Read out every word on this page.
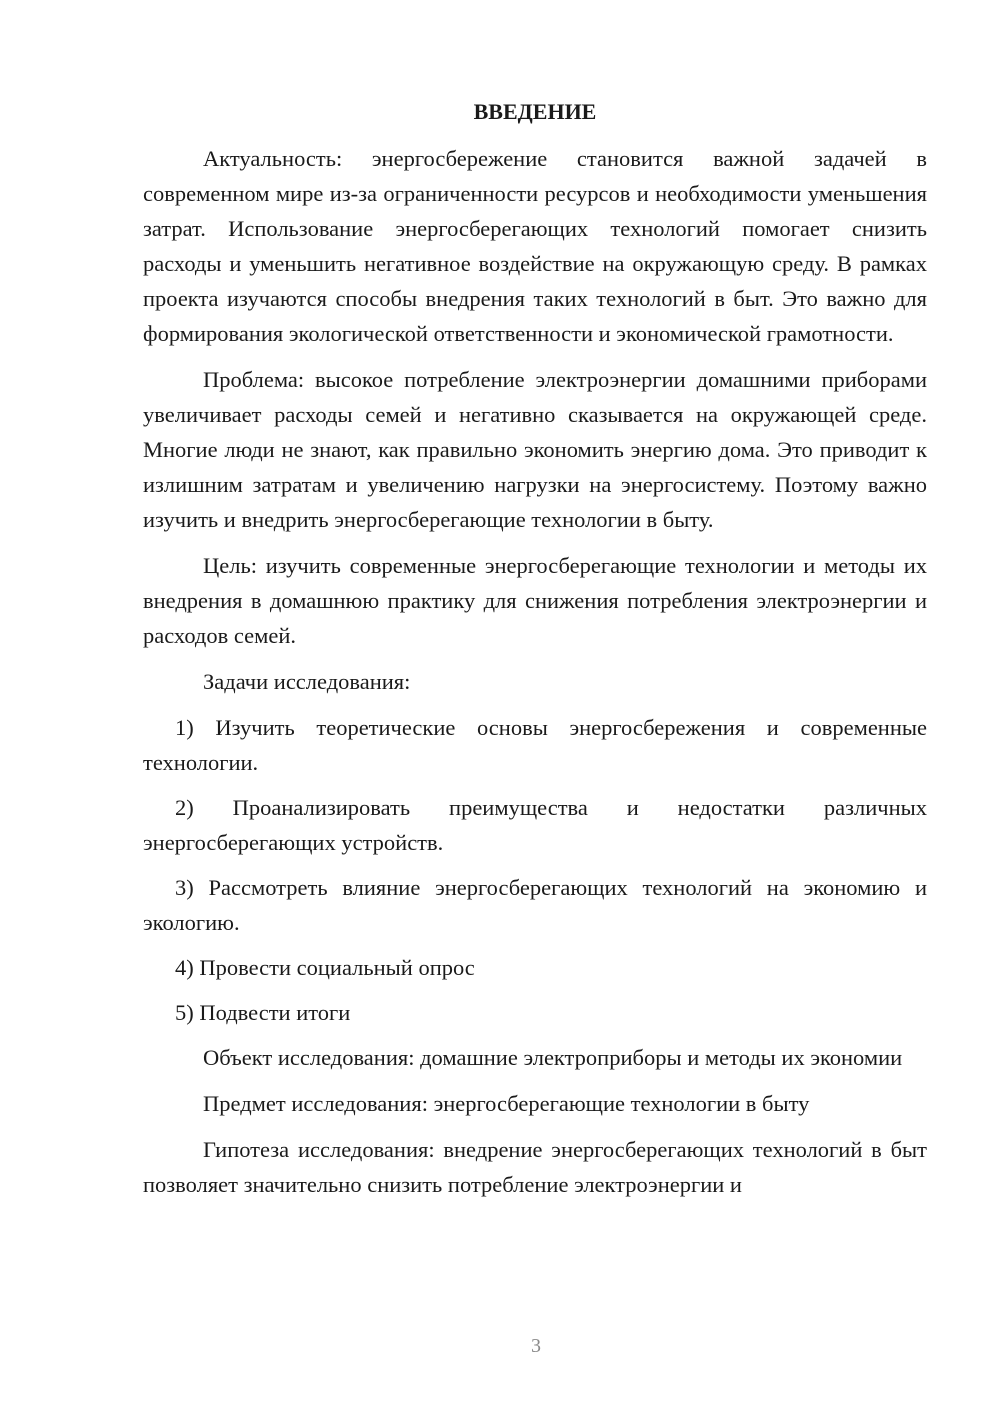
ВВЕДЕНИЕ

Актуальность: энергосбережение становится важной задачей в современном мире из-за ограниченности ресурсов и необходимости уменьшения затрат. Использование энергосберегающих технологий помогает снизить расходы и уменьшить негативное воздействие на окружающую среду. В рамках проекта изучаются способы внедрения таких технологий в быт. Это важно для формирования экологической ответственности и экономической грамотности.

Проблема: высокое потребление электроэнергии домашними приборами увеличивает расходы семей и негативно сказывается на окружающей среде. Многие люди не знают, как правильно экономить энергию дома. Это приводит к излишним затратам и увеличению нагрузки на энергосистему. Поэтому важно изучить и внедрить энергосберегающие технологии в быту.

Цель: изучить современные энергосберегающие технологии и методы их внедрения в домашнюю практику для снижения потребления электроэнергии и расходов семей.

Задачи исследования:

1) Изучить теоретические основы энергосбережения и современные технологии.

2) Проанализировать преимущества и недостатки различных энергосберегающих устройств.

3) Рассмотреть влияние энергосберегающих технологий на экономию и экологию.

4) Провести социальный опрос

5) Подвести итоги

Объект исследования: домашние электроприборы и методы их экономии

Предмет исследования: энергосберегающие технологии в быту

Гипотеза исследования: внедрение энергосберегающих технологий в быт позволяет значительно снизить потребление электроэнергии и

3
